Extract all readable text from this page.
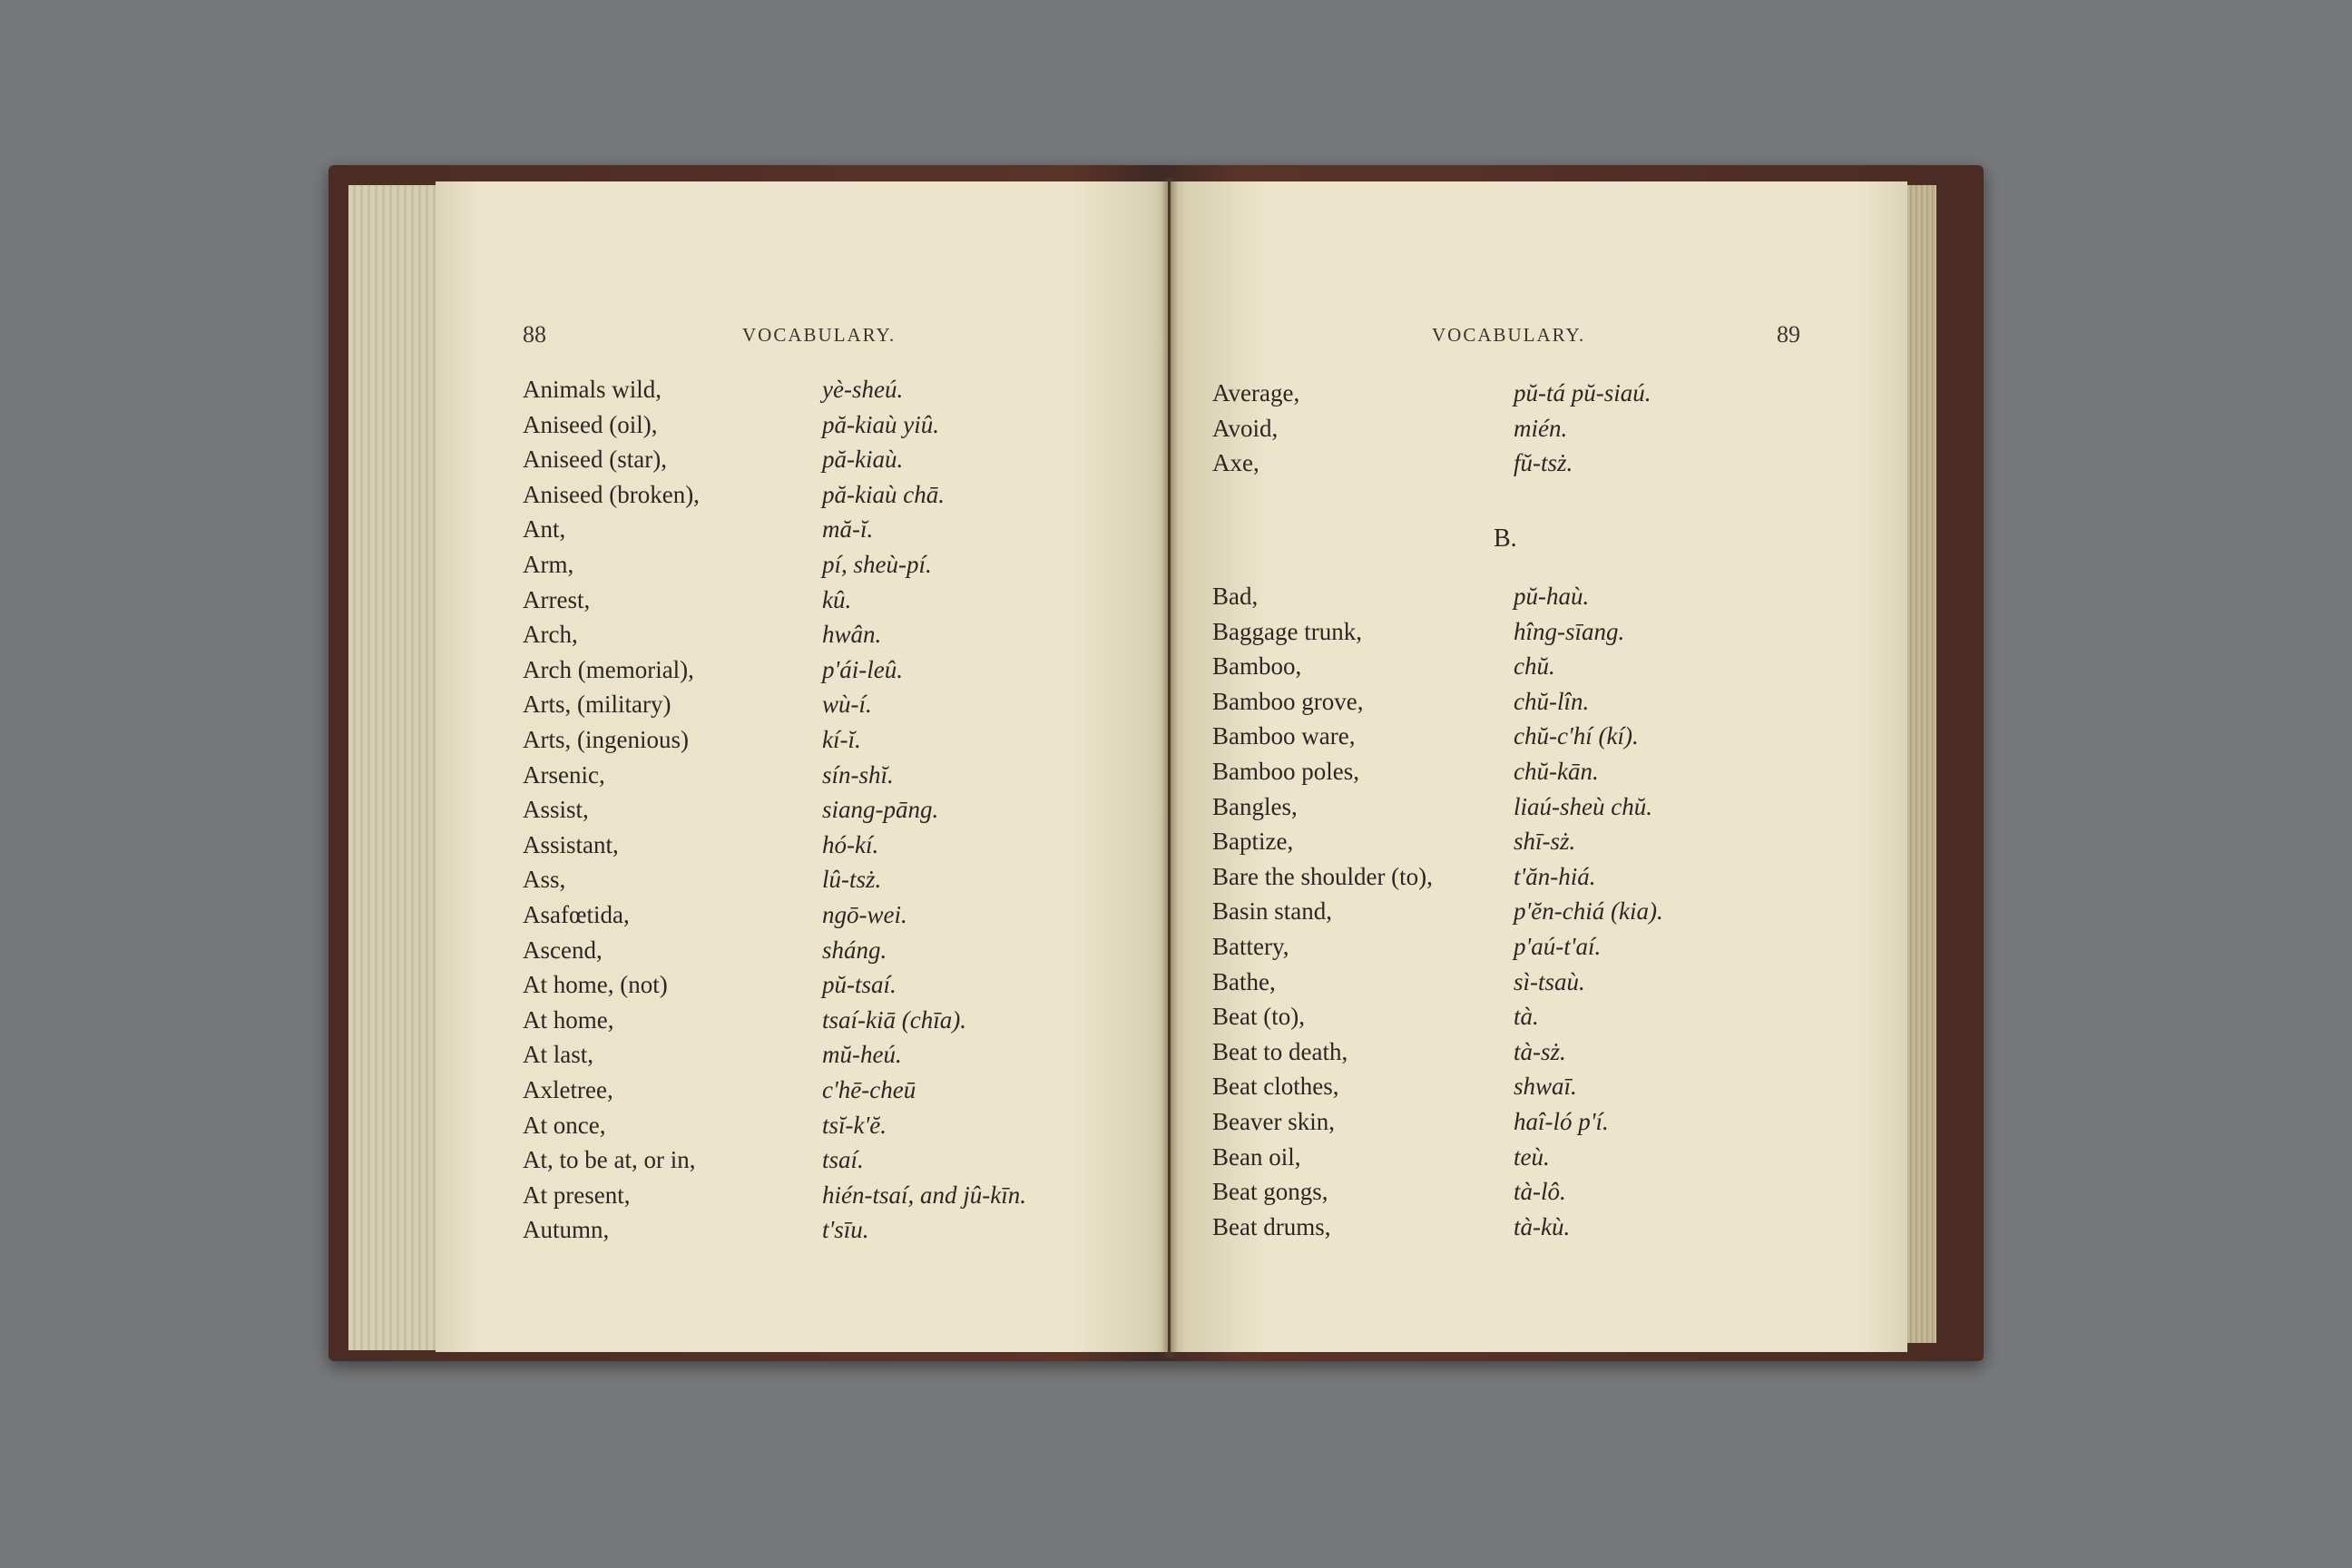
88	VOCABULARY.
Animals wild,	yè-sheú.
Aniseed (oil),	pă-kiaù yiû.
Aniseed (star),	pă-kiaù.
Aniseed (broken),	pă-kiaù chā.
Ant,	mă-ĭ.
Arm,	pí, sheù-pí.
Arrest,	kû.
Arch,	hwân.
Arch (memorial),	p'ái-leû.
Arts, (military)	wù-í.
Arts, (ingenious)	kí-ĭ.
Arsenic,	sín-shĭ.
Assist,	siang-pāng.
Assistant,	hó-kí.
Ass,	lû-tsż.
Asafœtida,	ngō-wei.
Ascend,	sháng.
At home, (not)	pŭ-tsaí.
At home,	tsaí-kiā (chīa).
At last,	mŭ-heú.
Axletree,	c'hē-cheū
At once,	tsĭ-k'ĕ.
At, to be at, or in,	tsaí.
At present,	hién-tsaí, and jû-kīn.
Autumn,	t'sīu.
VOCABULARY.	89
Average,	pŭ-tá pŭ-siaú.
Avoid,	mién.
Axe,	fŭ-tsż.
Bad,	pŭ-haù.
Baggage trunk,	hîng-sīang.
Bamboo,	chŭ.
Bamboo grove,	chŭ-lîn.
Bamboo ware,	chŭ-c'hí (kí).
Bamboo poles,	chŭ-kān.
Bangles,	liaú-sheù chŭ.
Baptize,	shī-sż.
Bare the shoulder (to),	t'ăn-hiá.
Basin stand,	p'ĕn-chiá (kia).
Battery,	p'aú-t'aí.
Bathe,	sì-tsaù.
Beat (to),	tà.
Beat to death,	tà-sż.
Beat clothes,	shwaī.
Beaver skin,	haî-ló p'í.
Bean oil,	teù.
Beat gongs,	tà-lô.
Beat drums,	tà-kù.
B.
